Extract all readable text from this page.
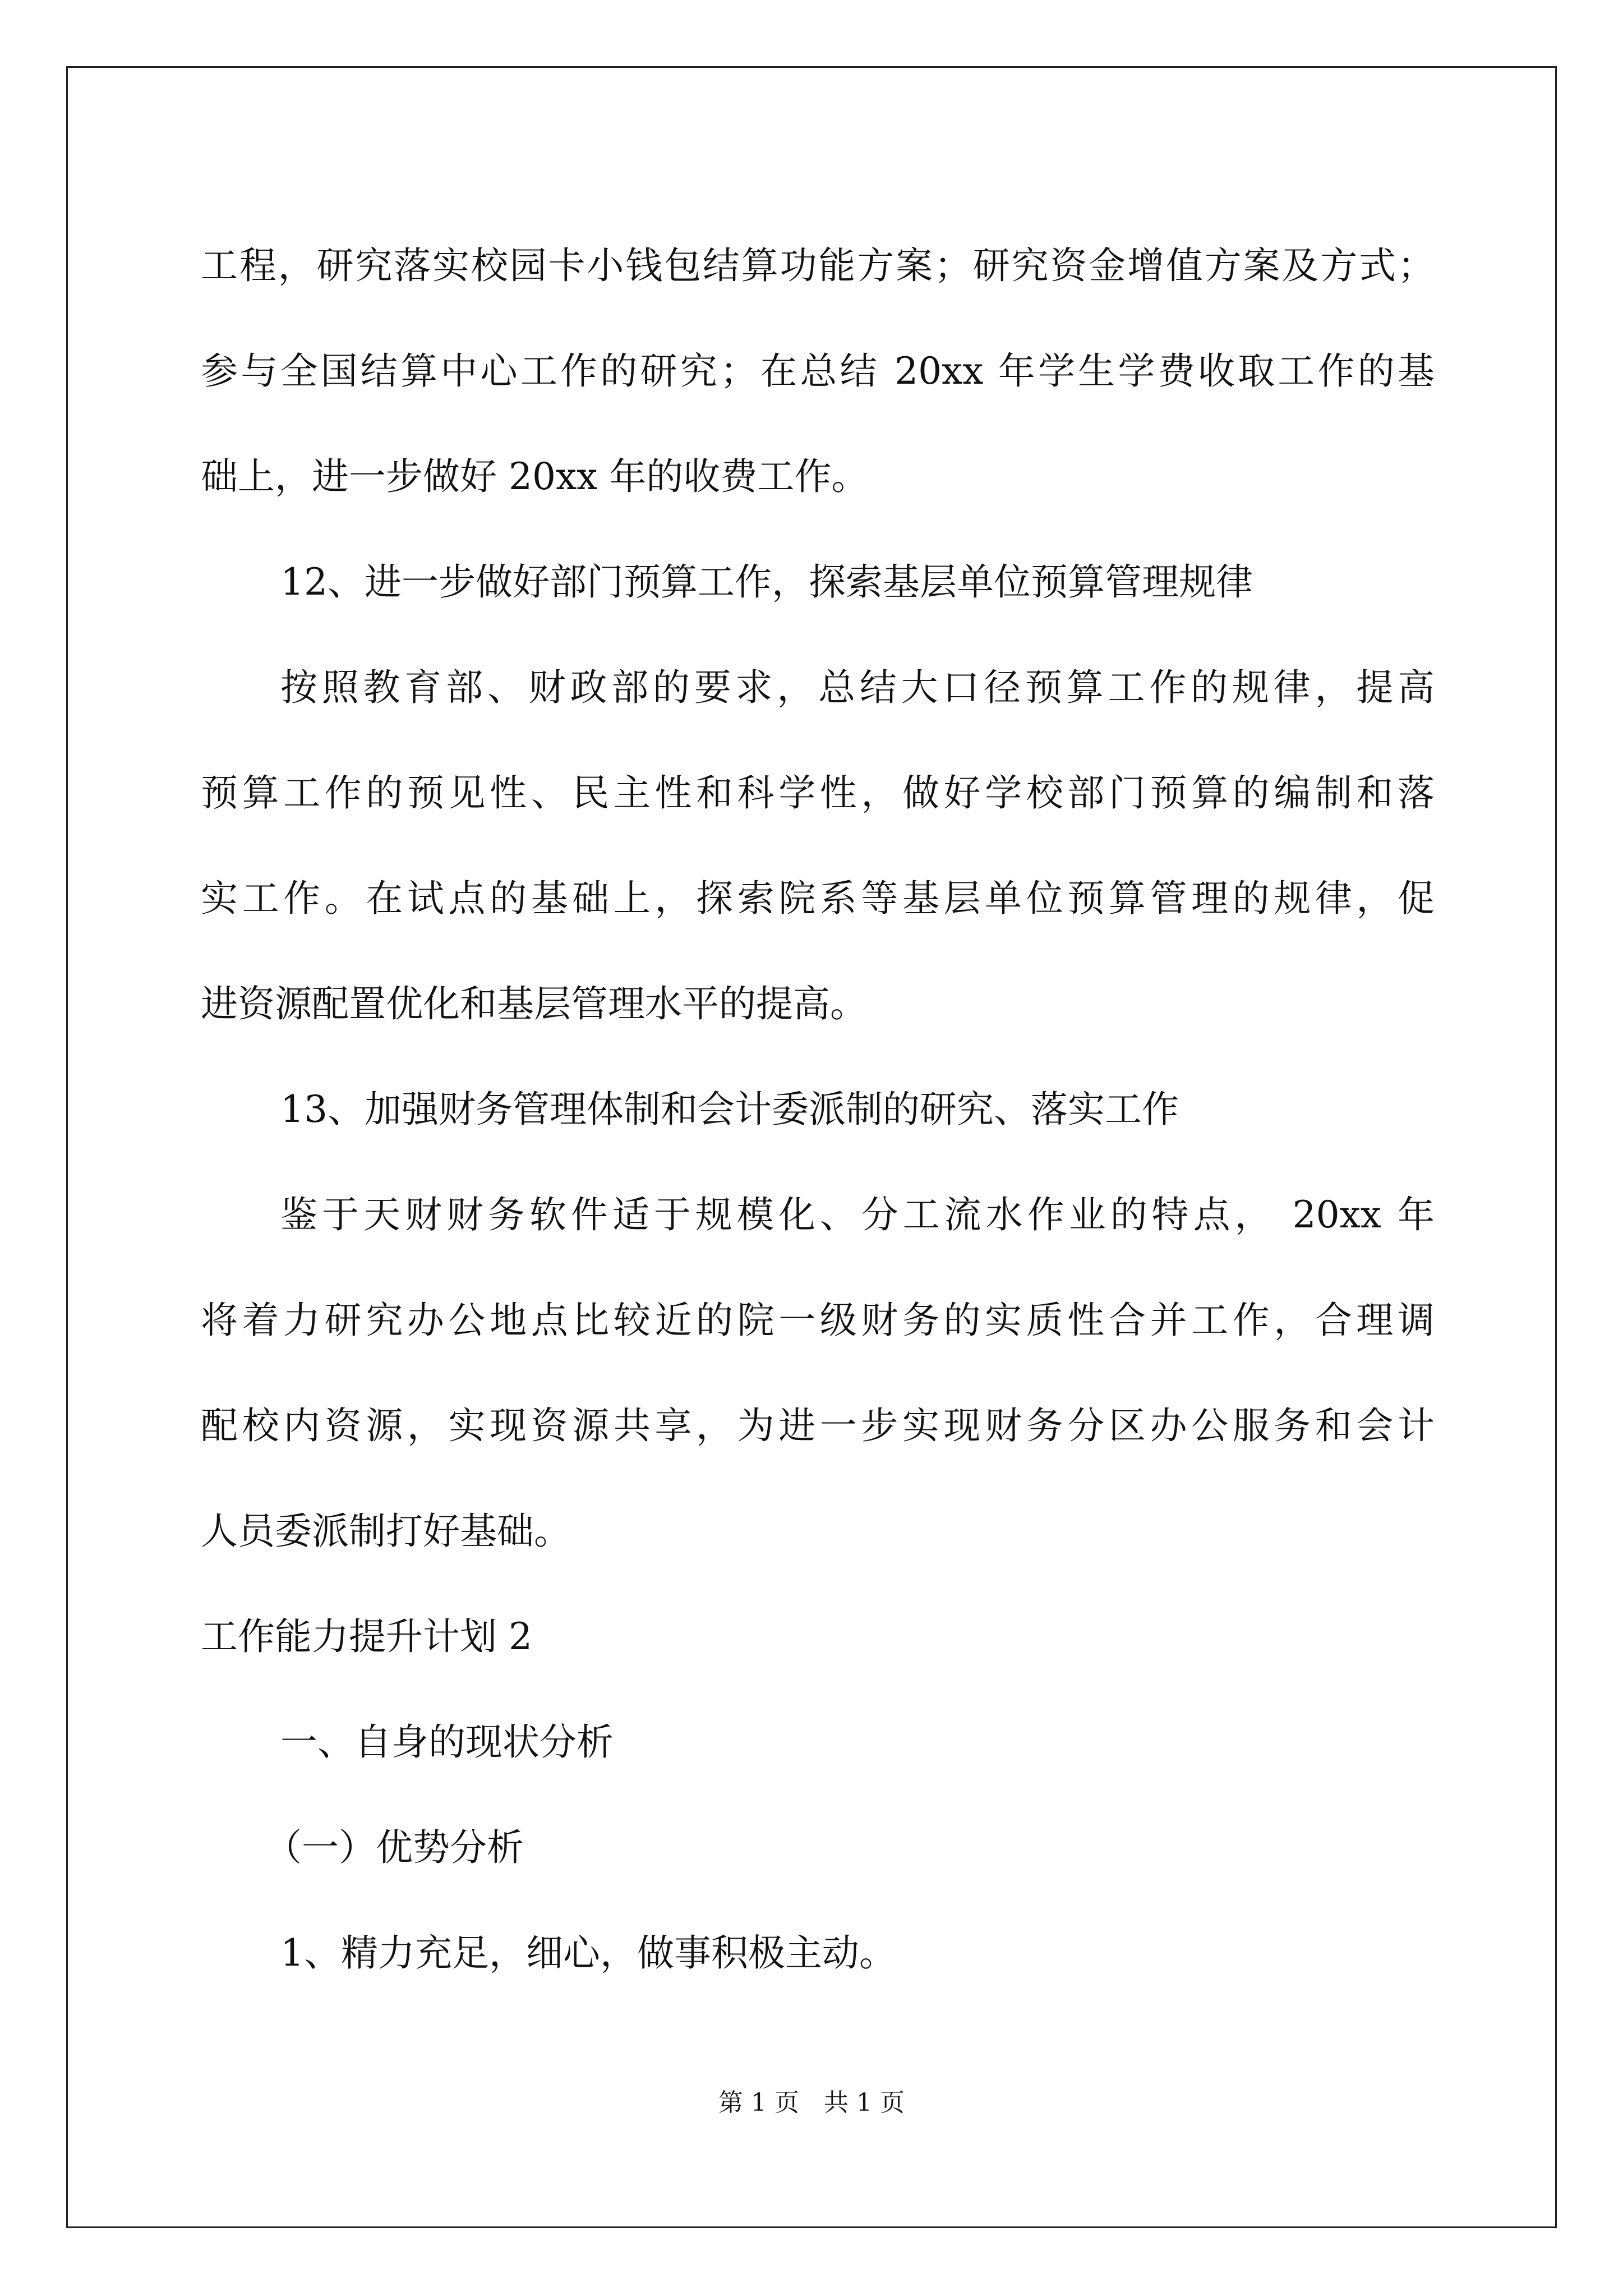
工程，研究落实校园卡小钱包结算功能方案；研究资金增值方案及方式；
参与全国结算中心工作的研究；在总结 20xx 年学生学费收取工作的基
础上，进一步做好 20xx 年的收费工作。
12、进一步做好部门预算工作，探索基层单位预算管理规律
按照教育部、财政部的要求，总结大口径预算工作的规律，提高
预算工作的预见性、民主性和科学性，做好学校部门预算的编制和落
实工作。在试点的基础上，探索院系等基层单位预算管理的规律，促
进资源配置优化和基层管理水平的提高。
13、加强财务管理体制和会计委派制的研究、落实工作
鉴于天财财务软件适于规模化、分工流水作业的特点， 20xx 年
将着力研究办公地点比较近的院一级财务的实质性合并工作，合理调
配校内资源，实现资源共享，为进一步实现财务分区办公服务和会计
人员委派制打好基础。
工作能力提升计划 2
一、自身的现状分析
（一）优势分析
1、精力充足，细心，做事积极主动。
第 1 页　共 1 页
